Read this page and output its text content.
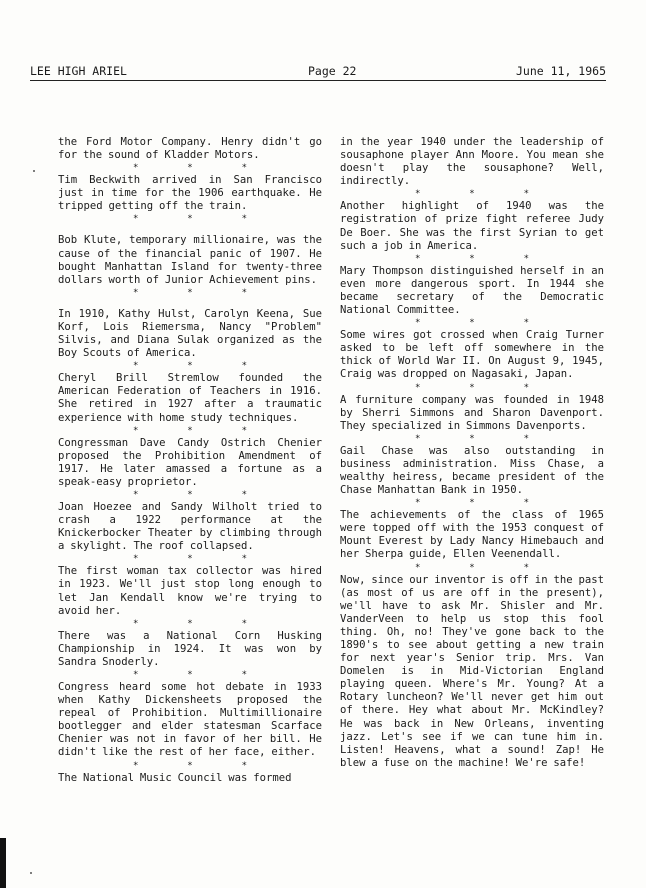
LEE HIGH ARIEL	Page 22	June 11, 1965

the Ford Motor Company. Henry didn't go for the sound of Kladder Motors.

* * *

Tim Beckwith arrived in San Francisco just in time for the 1906 earthquake. He tripped getting off the train.

* * *

Bob Klute, temporary millionaire, was the cause of the financial panic of 1907. He bought Manhattan Island for twenty-three dollars worth of Junior Achievement pins.

* * *

In 1910, Kathy Hulst, Carolyn Keena, Sue Korf, Lois Riemersma, Nancy "Problem" Silvis, and Diana Sulak organized as the Boy Scouts of America.

* * *

Cheryl Brill Stremlow founded the American Federation of Teachers in 1916. She retired in 1927 after a traumatic experience with home study techniques.

* * *

Congressman Dave Candy Ostrich Chenier proposed the Prohibition Amendment of 1917. He later amassed a fortune as a speak-easy proprietor.

* * *

Joan Hoezee and Sandy Wilholt tried to crash a 1922 performance at the Knickerbocker Theater by climbing through a skylight. The roof collapsed.

* * *

The first woman tax collector was hired in 1923. We'll just stop long enough to let Jan Kendall know we're trying to avoid her.

* * *

There was a National Corn Husking Championship in 1924. It was won by Sandra Snoderly.

* * *

Congress heard some hot debate in 1933 when Kathy Dickensheets proposed the repeal of Prohibition. Multimillionaire bootlegger and elder statesman Scarface Chenier was not in favor of her bill. He didn't like the rest of her face, either.

* * *

The National Music Council was formed

in the year 1940 under the leadership of sousaphone player Ann Moore. You mean she doesn't play the sousaphone? Well, indirectly.

* * *

Another highlight of 1940 was the registration of prize fight referee Judy De Boer. She was the first Syrian to get such a job in America.

* * *

Mary Thompson distinguished herself in an even more dangerous sport. In 1944 she became secretary of the Democratic National Committee.

* * *

Some wires got crossed when Craig Turner asked to be left off somewhere in the thick of World War II. On August 9, 1945, Craig was dropped on Nagasaki, Japan.

* * *

A furniture company was founded in 1948 by Sherri Simmons and Sharon Davenport. They specialized in Simmons Davenports.

* * *

Gail Chase was also outstanding in business administration. Miss Chase, a wealthy heiress, became president of the Chase Manhattan Bank in 1950.

* * *

The achievements of the class of 1965 were topped off with the 1953 conquest of Mount Everest by Lady Nancy Himebauch and her Sherpa guide, Ellen Veenendall.

* * *

Now, since our inventor is off in the past (as most of us are off in the present), we'll have to ask Mr. Shisler and Mr. VanderVeen to help us stop this fool thing. Oh, no! They've gone back to the 1890's to see about getting a new train for next year's Senior trip. Mrs. Van Domelen is in Mid-Victorian England playing queen. Where's Mr. Young? At a Rotary luncheon? We'll never get him out of there. Hey what about Mr. McKindley? He was back in New Orleans, inventing jazz. Let's see if we can tune him in. Listen! Heavens, what a sound! Zap! He blew a fuse on the machine! We're safe!
